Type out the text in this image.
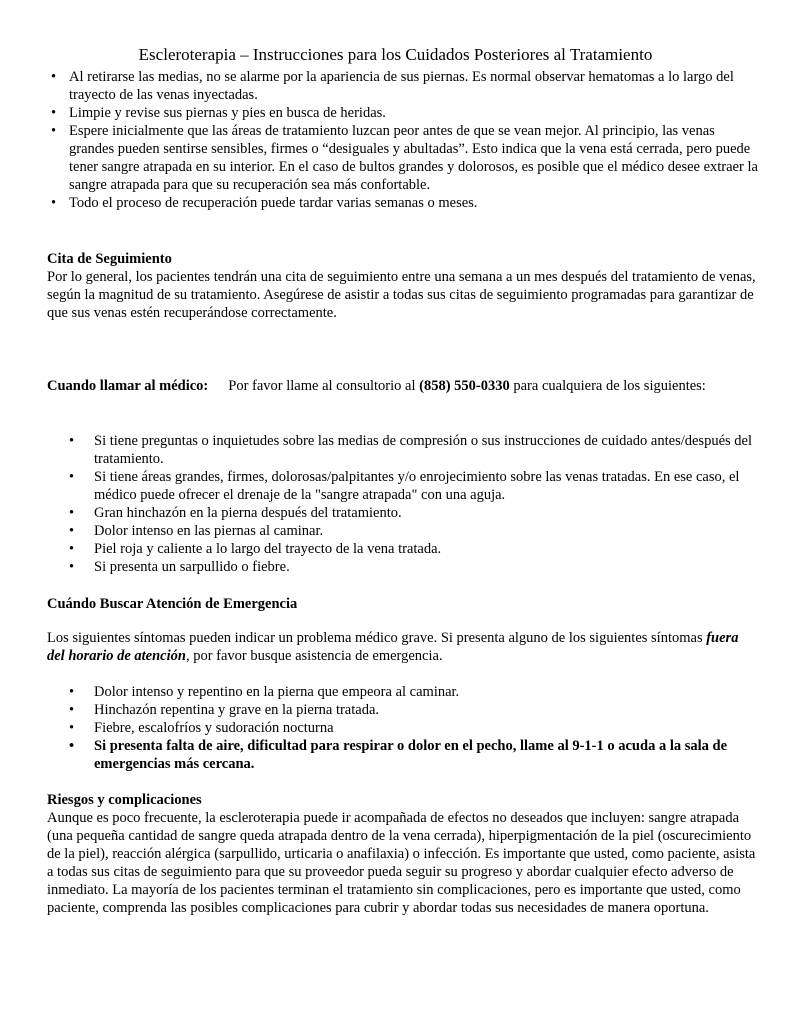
Escleroterapia – Instrucciones para los Cuidados Posteriores al Tratamiento
• Al retirarse las medias, no se alarme por la apariencia de sus piernas. Es normal observar hematomas a lo largo del trayecto de las venas inyectadas.
• Limpie y revise sus piernas y pies en busca de heridas.
• Espere inicialmente que las áreas de tratamiento luzcan peor antes de que se vean mejor. Al principio, las venas grandes pueden sentirse sensibles, firmes o “desiguales y abultadas”. Esto indica que la vena está cerrada, pero puede tener sangre atrapada en su interior. En el caso de bultos grandes y dolorosos, es posible que el médico desee extraer la sangre atrapada para que su recuperación sea más confortable.
• Todo el proceso de recuperación puede tardar varias semanas o meses.
Cita de Seguimiento

Por lo general, los pacientes tendrán una cita de seguimiento entre una semana a un mes después del tratamiento de venas, según la magnitud de su tratamiento. Asegúrese de asistir a todas sus citas de seguimiento programadas para garantizar de que sus venas estén recuperándose correctamente.

Cuando llamar al médico: Por favor llame al consultorio al (858) 550-0330 para cualquiera de los siguientes:

• Si tiene preguntas o inquietudes sobre las medias de compresión o sus instrucciones de cuidado antes/después del tratamiento.
• Si tiene áreas grandes, firmes, dolorosas/palpitantes y/o enrojecimiento sobre las venas tratadas. En ese caso, el médico puede ofrecer el drenaje de la "sangre atrapada" con una aguja.
• Gran hinchazón en la pierna después del tratamiento.
• Dolor intenso en las piernas al caminar.
• Piel roja y caliente a lo largo del trayecto de la vena tratada.
• Si presenta un sarpullido o fiebre.
Cuándo Buscar Atención de Emergencia

Los siguientes síntomas pueden indicar un problema médico grave. Si presenta alguno de los siguientes síntomas fuera del horario de atención, por favor busque asistencia de emergencia.

• Dolor intenso y repentino en la pierna que empeora al caminar.
• Hinchazón repentina y grave en la pierna tratada.
• Fiebre, escalofríos y sudoración nocturna
• Si presenta falta de aire, dificultad para respirar o dolor en el pecho, llame al 9-1-1 o acuda a la sala de emergencias más cercana.
Riesgos y complicaciones

Aunque es poco frecuente, la escleroterapia puede ir acompañada de efectos no deseados que incluyen: sangre atrapada (una pequeña cantidad de sangre queda atrapada dentro de la vena cerrada), hiperpigmentación de la piel (oscurecimiento de la piel), reacción alérgica (sarpullido, urticaria o anafilaxia) o infección. Es importante que usted, como paciente, asista a todas sus citas de seguimiento para que su proveedor pueda seguir su progreso y abordar cualquier efecto adverso de inmediato. La mayoría de los pacientes terminan el tratamiento sin complicaciones, pero es importante que usted, como paciente, comprenda las posibles complicaciones para cubrir y abordar todas sus necesidades de manera oportuna.
